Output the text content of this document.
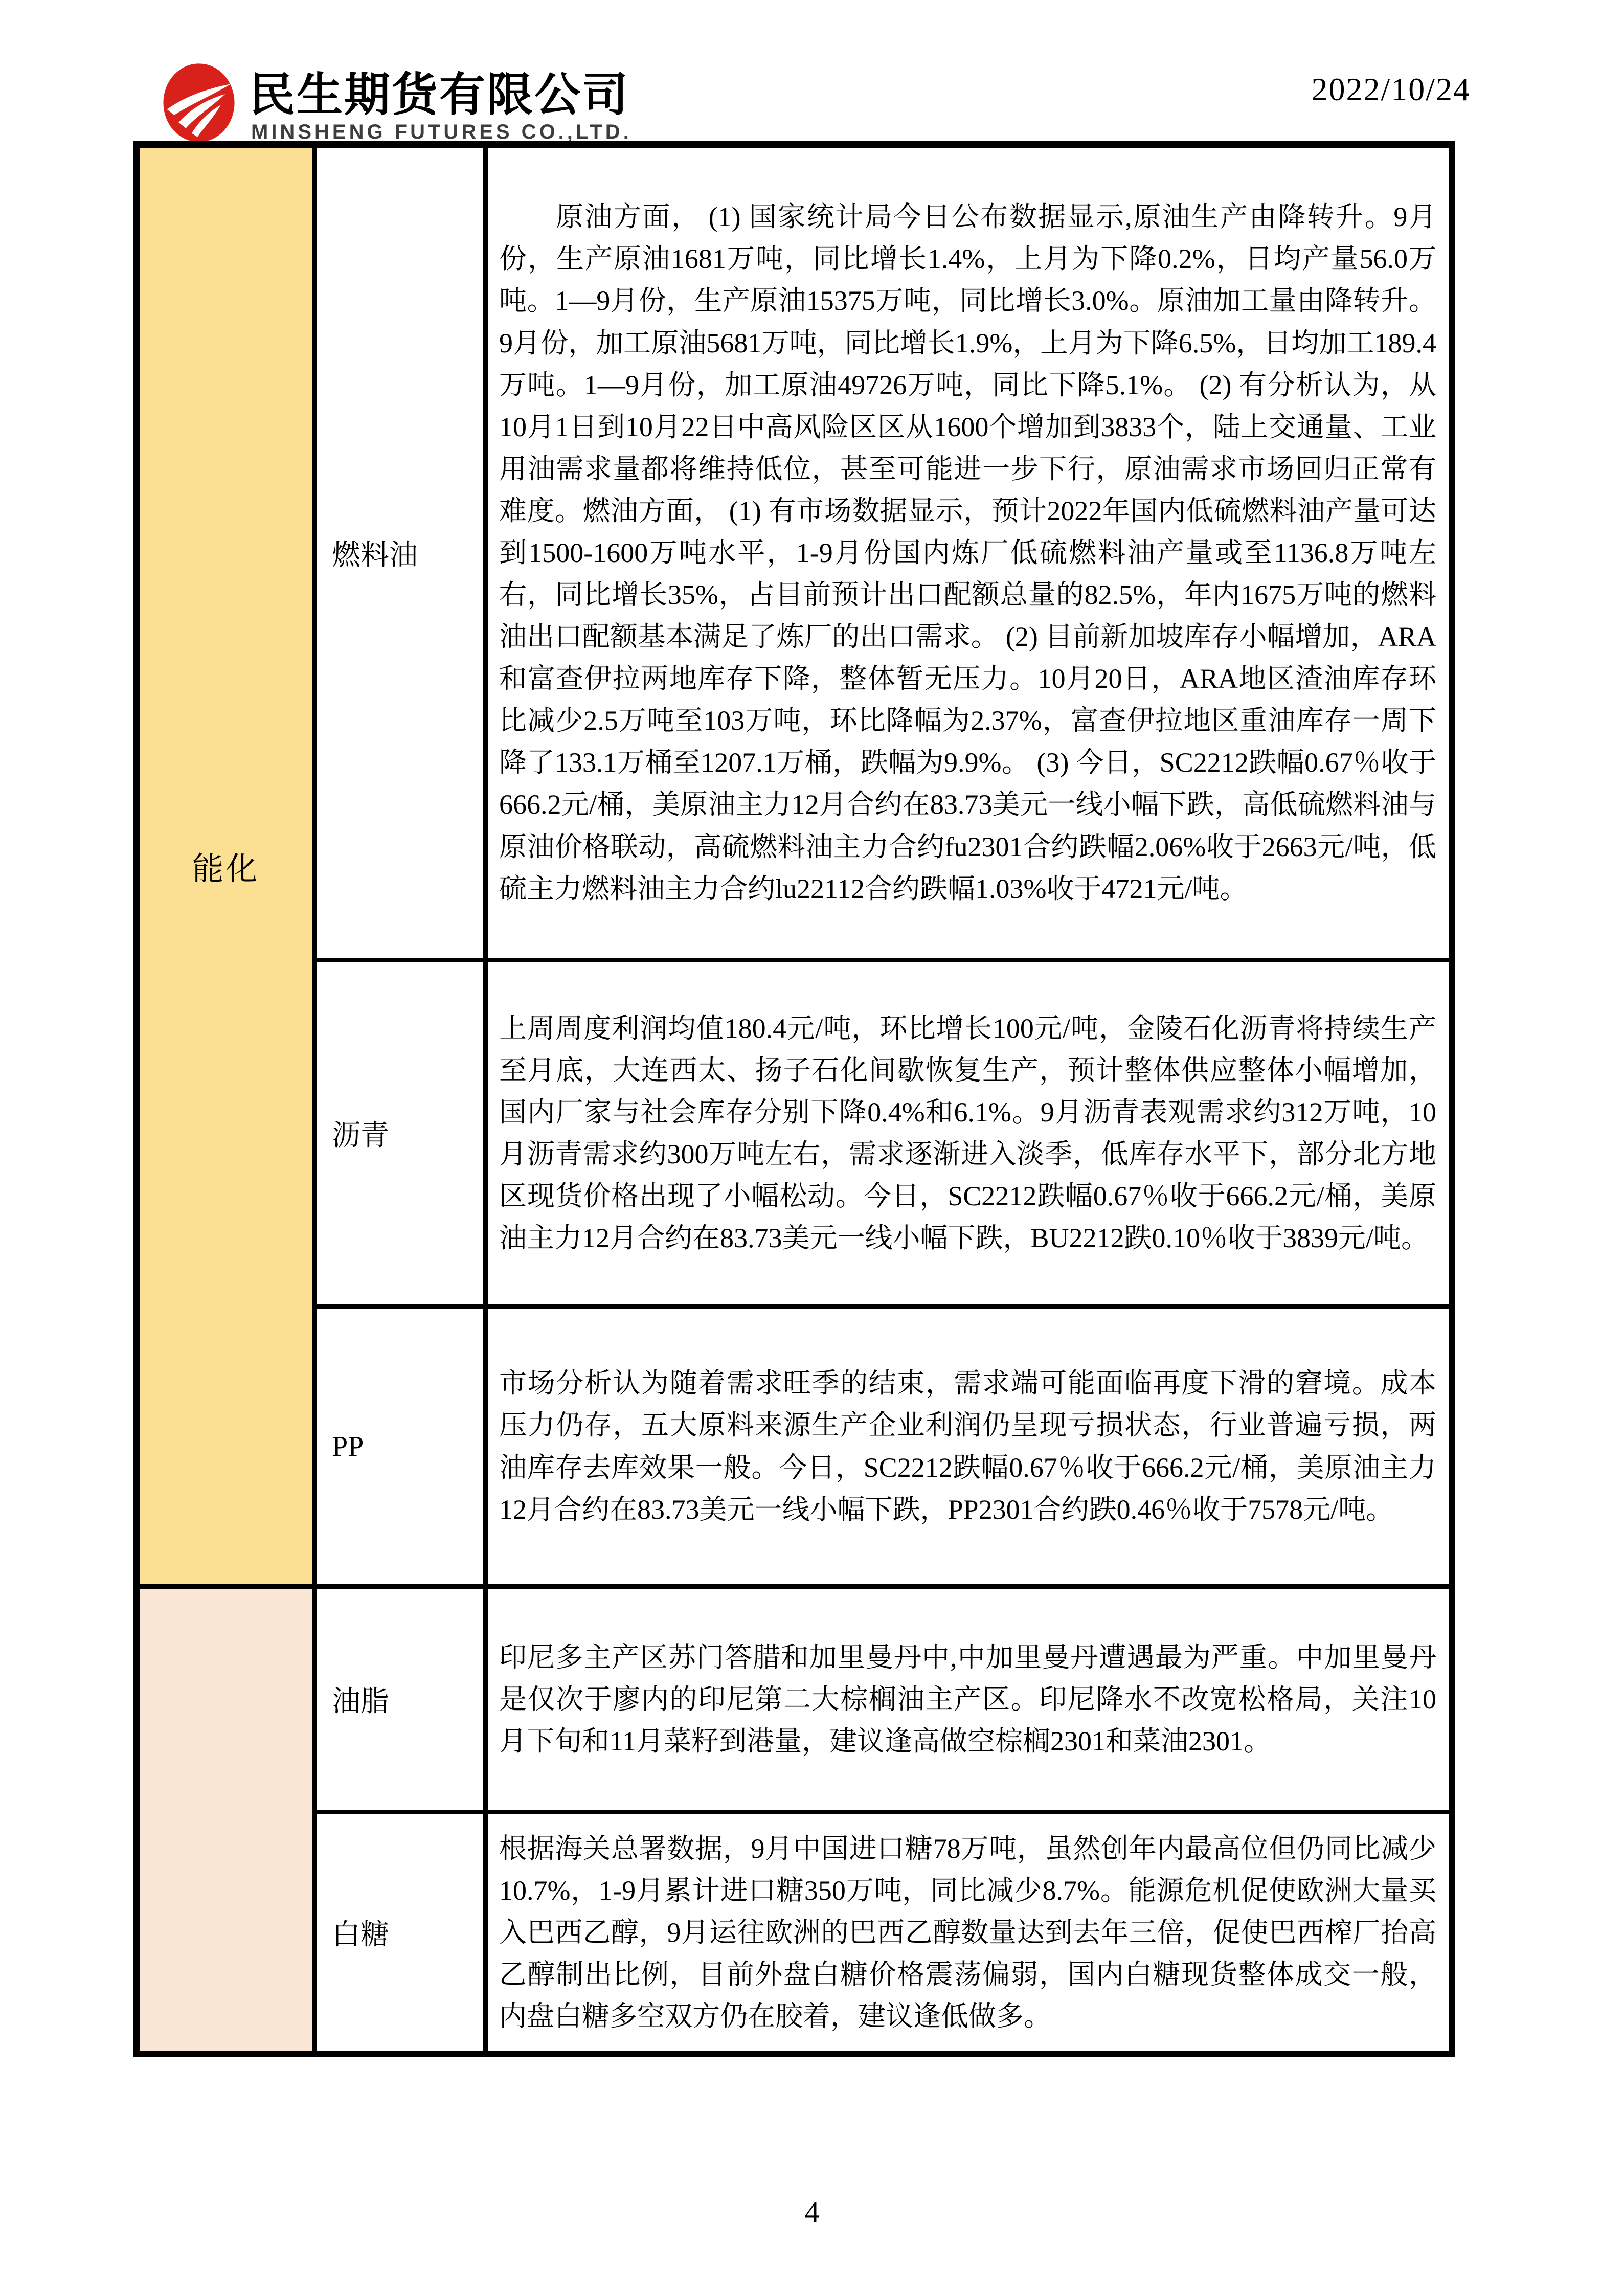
民生期货有限公司
MINSHENG FUTURES CO.,LTD.
2022/10/24
能化	燃料油	原油方面， (1) 国家统计局今日公布数据显示,原油生产由降转升。9月份，生产原油1681万吨，同比增长1.4%，上月为下降0.2%，日均产量56.0万吨。1—9月份，生产原油15375万吨，同比增长3.0%。原油加工量由降转升。9月份，加工原油5681万吨，同比增长1.9%，上月为下降6.5%，日均加工189.4万吨。1—9月份，加工原油49726万吨，同比下降5.1%。 (2) 有分析认为，从10月1日到10月22日中高风险区区从1600个增加到3833个，陆上交通量、工业用油需求量都将维持低位，甚至可能进一步下行，原油需求市场回归正常有难度。燃油方面， (1) 有市场数据显示，预计2022年国内低硫燃料油产量可达到1500-1600万吨水平，1-9月份国内炼厂低硫燃料油产量或至1136.8万吨左右，同比增长35%，占目前预计出口配额总量的82.5%，年内1675万吨的燃料油出口配额基本满足了炼厂的出口需求。 (2) 目前新加坡库存小幅增加，ARA和富查伊拉两地库存下降，整体暂无压力。10月20日，ARA地区渣油库存环比减少2.5万吨至103万吨，环比降幅为2.37%，富查伊拉地区重油库存一周下降了133.1万桶至1207.1万桶，跌幅为9.9%。 (3) 今日，SC2212跌幅0.67％收于666.2元/桶，美原油主力12月合约在83.73美元一线小幅下跌，高低硫燃料油与原油价格联动，高硫燃料油主力合约fu2301合约跌幅2.06%收于2663元/吨，低硫主力燃料油主力合约lu22112合约跌幅1.03%收于4721元/吨。
	沥青	上周周度利润均值180.4元/吨，环比增长100元/吨，金陵石化沥青将持续生产至月底，大连西太、扬子石化间歇恢复生产，预计整体供应整体小幅增加，国内厂家与社会库存分别下降0.4%和6.1%。9月沥青表观需求约312万吨，10月沥青需求约300万吨左右，需求逐渐进入淡季，低库存水平下，部分北方地区现货价格出现了小幅松动。今日，SC2212跌幅0.67％收于666.2元/桶，美原油主力12月合约在83.73美元一线小幅下跌，BU2212跌0.10％收于3839元/吨。
	PP	市场分析认为随着需求旺季的结束，需求端可能面临再度下滑的窘境。成本压力仍存，五大原料来源生产企业利润仍呈现亏损状态，行业普遍亏损，两油库存去库效果一般。今日，SC2212跌幅0.67％收于666.2元/桶，美原油主力12月合约在83.73美元一线小幅下跌，PP2301合约跌0.46％收于7578元/吨。
	油脂	印尼多主产区苏门答腊和加里曼丹中,中加里曼丹遭遇最为严重。中加里曼丹是仅次于廖内的印尼第二大棕榈油主产区。印尼降水不改宽松格局，关注10月下旬和11月菜籽到港量，建议逢高做空棕榈2301和菜油2301。
	白糖	根据海关总署数据，9月中国进口糖78万吨，虽然创年内最高位但仍同比减少10.7%，1-9月累计进口糖350万吨，同比减少8.7%。能源危机促使欧洲大量买入巴西乙醇，9月运往欧洲的巴西乙醇数量达到去年三倍，促使巴西榨厂抬高乙醇制出比例，目前外盘白糖价格震荡偏弱，国内白糖现货整体成交一般，内盘白糖多空双方仍在胶着，建议逢低做多。
4
